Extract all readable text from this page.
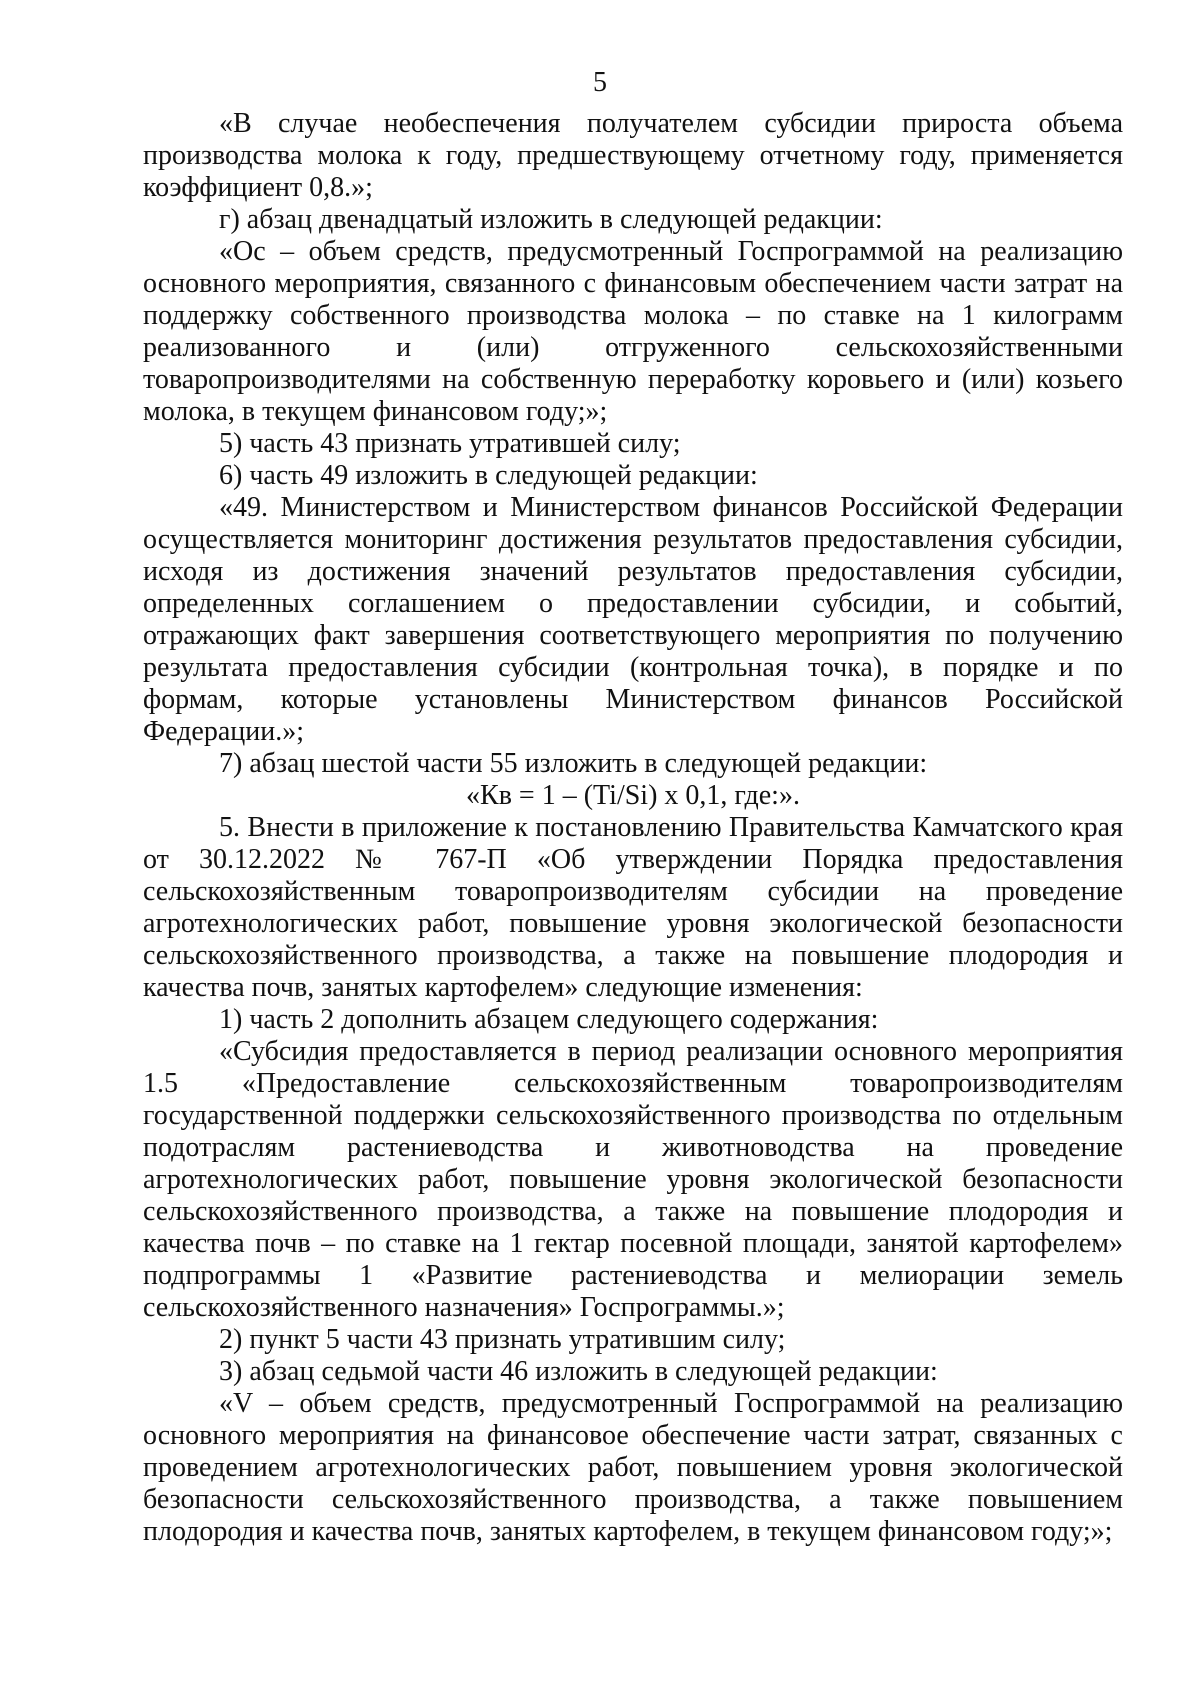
5

«В случае необеспечения получателем субсидии прироста объема производства молока к году, предшествующему отчетному году, применяется коэффициент 0,8.»;

г) абзац двенадцатый изложить в следующей редакции:

«Ос – объем средств, предусмотренный Госпрограммой на реализацию основного мероприятия, связанного с финансовым обеспечением части затрат на поддержку собственного производства молока – по ставке на 1 килограмм реализованного и (или) отгруженного сельскохозяйственными товаропроизводителями на собственную переработку коровьего и (или) козьего молока, в текущем финансовом году;»;

5) часть 43 признать утратившей силу;

6) часть 49 изложить в следующей редакции:

«49. Министерством и Министерством финансов Российской Федерации осуществляется мониторинг достижения результатов предоставления субсидии, исходя из достижения значений результатов предоставления субсидии, определенных соглашением о предоставлении субсидии, и событий, отражающих факт завершения соответствующего мероприятия по получению результата предоставления субсидии (контрольная точка), в порядке и по формам, которые установлены Министерством финансов Российской Федерации.»;

7) абзац шестой части 55 изложить в следующей редакции:

«Кв = 1 – (Ti/Si) x 0,1, где:».

5. Внести в приложение к постановлению Правительства Камчатского края от 30.12.2022 № 767-П «Об утверждении Порядка предоставления сельскохозяйственным товаропроизводителям субсидии на проведение агротехнологических работ, повышение уровня экологической безопасности сельскохозяйственного производства, а также на повышение плодородия и качества почв, занятых картофелем» следующие изменения:

1) часть 2 дополнить абзацем следующего содержания:

«Субсидия предоставляется в период реализации основного мероприятия 1.5 «Предоставление сельскохозяйственным товаропроизводителям государственной поддержки сельскохозяйственного производства по отдельным подотраслям растениеводства и животноводства на проведение агротехнологических работ, повышение уровня экологической безопасности сельскохозяйственного производства, а также на повышение плодородия и качества почв – по ставке на 1 гектар посевной площади, занятой картофелем» подпрограммы 1 «Развитие растениеводства и мелиорации земель сельскохозяйственного назначения» Госпрограммы.»;

2) пункт 5 части 43 признать утратившим силу;

3) абзац седьмой части 46 изложить в следующей редакции:

«V – объем средств, предусмотренный Госпрограммой на реализацию основного мероприятия на финансовое обеспечение части затрат, связанных с проведением агротехнологических работ, повышением уровня экологической безопасности сельскохозяйственного производства, а также повышением плодородия и качества почв, занятых картофелем, в текущем финансовом году;»;
